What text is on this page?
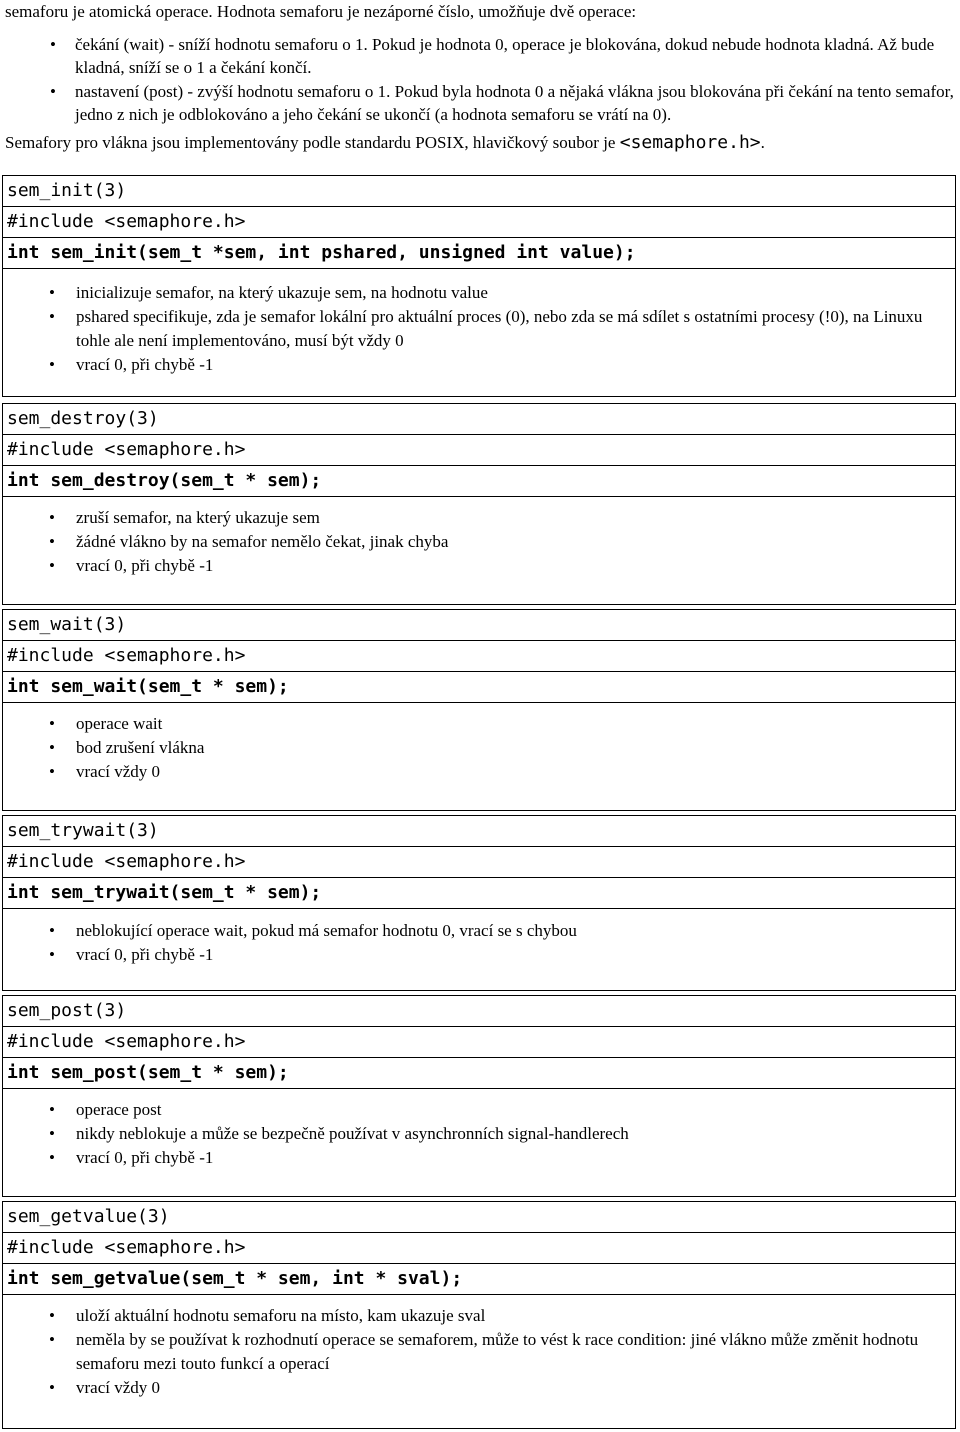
semaforu je atomická operace. Hodnota semaforu je nezáporné číslo, umožňuje dvě operace:

• čekání (wait) - sníží hodnotu semaforu o 1. Pokud je hodnota 0, operace je blokována, dokud nebude hodnota kladná. Až bude kladná, sníží se o 1 a čekání končí.
• nastavení (post) - zvýší hodnotu semaforu o 1. Pokud byla hodnota 0 a nějaká vlákna jsou blokována při čekání na tento semafor, jedno z nich je odblokováno a jeho čekání se ukončí (a hodnota semaforu se vrátí na 0).

Semafory pro vlákna jsou implementovány podle standardu POSIX, hlavičkový soubor je <semaphore.h>.

sem_init(3)
#include <semaphore.h>
int sem_init(sem_t *sem, int pshared, unsigned int value);
• inicializuje semafor, na který ukazuje sem, na hodnotu value
• pshared specifikuje, zda je semafor lokální pro aktuální proces (0), nebo zda se má sdílet s ostatními procesy (!0), na Linuxu tohle ale není implementováno, musí být vždy 0
• vrací 0, při chybě -1
sem_destroy(3)
#include <semaphore.h>
int sem_destroy(sem_t * sem);
• zruší semafor, na který ukazuje sem
• žádné vlákno by na semafor nemělo čekat, jinak chyba
• vrací 0, při chybě -1
sem_wait(3)
#include <semaphore.h>
int sem_wait(sem_t * sem);
• operace wait
• bod zrušení vlákna
• vrací vždy 0
sem_trywait(3)
#include <semaphore.h>
int sem_trywait(sem_t * sem);
• neblokující operace wait, pokud má semafor hodnotu 0, vrací se s chybou
• vrací 0, při chybě -1
sem_post(3)
#include <semaphore.h>
int sem_post(sem_t * sem);
• operace post
• nikdy neblokuje a může se bezpečně používat v asynchronních signal-handlerech
• vrací 0, při chybě -1
sem_getvalue(3)
#include <semaphore.h>
int sem_getvalue(sem_t * sem, int * sval);
• uloží aktuální hodnotu semaforu na místo, kam ukazuje sval
• neměla by se používat k rozhodnutí operace se semaforem, může to vést k race condition: jiné vlákno může změnit hodnotu semaforu mezi touto funkcí a operací
• vrací vždy 0
